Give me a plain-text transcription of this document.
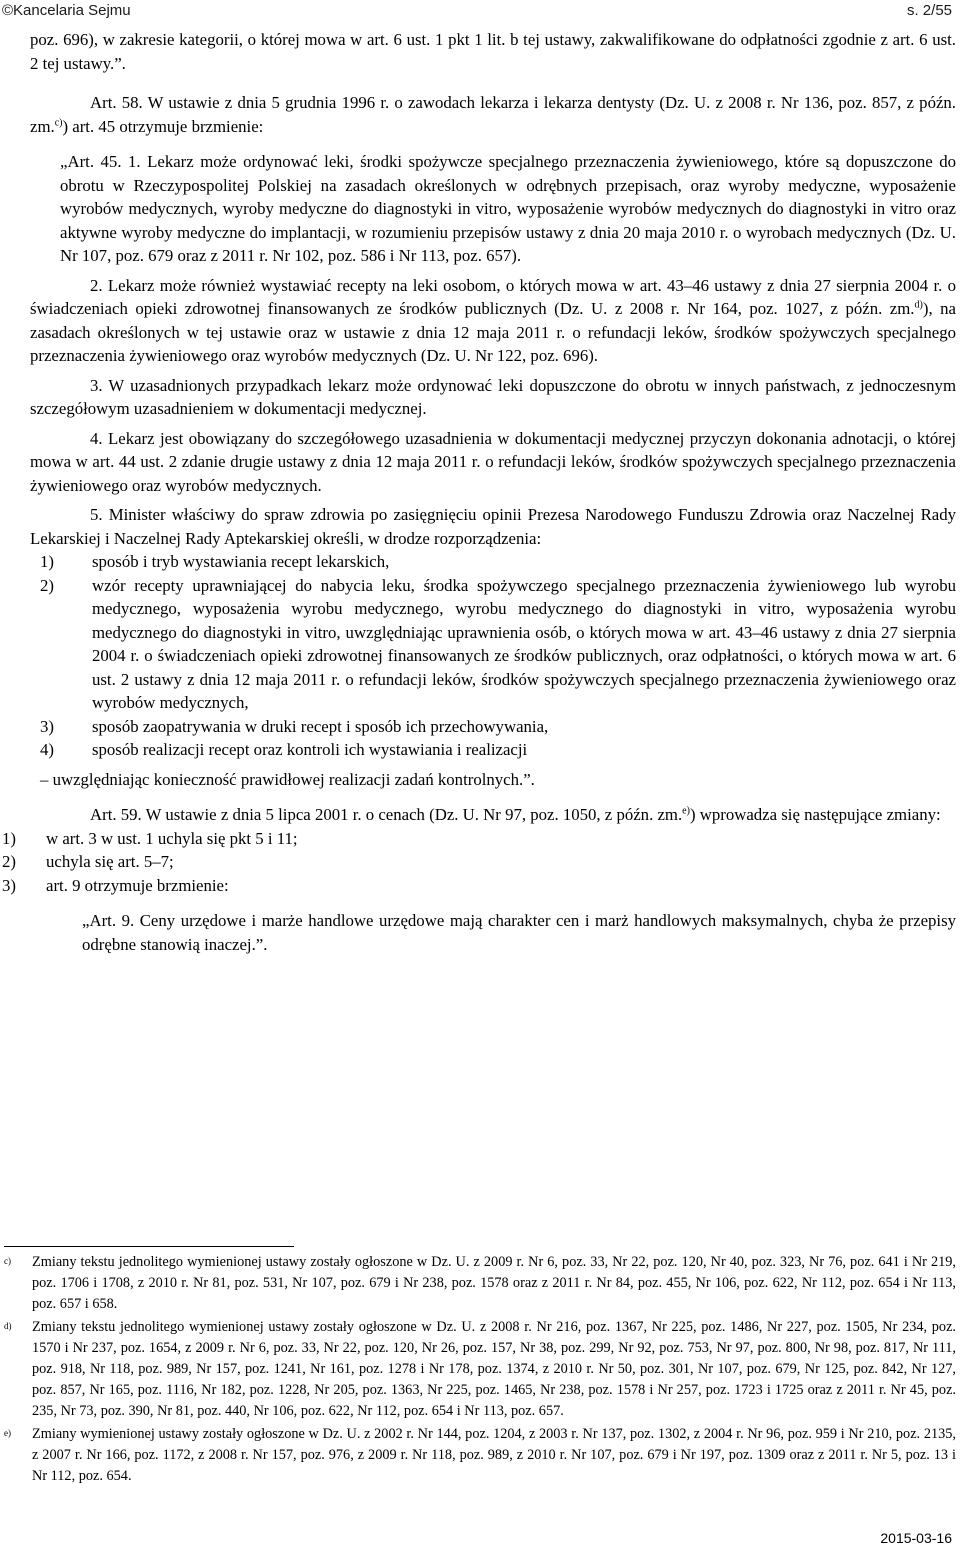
©Kancelaria Sejmu	s. 2/55

poz. 696), w zakresie kategorii, o której mowa w art. 6 ust. 1 pkt 1 lit. b tej ustawy, zakwalifikowane do odpłatności zgodnie z art. 6 ust. 2 tej ustawy.”.

Art. 58. W ustawie z dnia 5 grudnia 1996 r. o zawodach lekarza i lekarza dentysty (Dz. U. z 2008 r. Nr 136, poz. 857, z późn. zm.$^{c)}$) art. 45 otrzymuje brzmienie:

„Art. 45. 1. Lekarz może ordynować leki, środki spożywcze specjalnego przeznaczenia żywieniowego, które są dopuszczone do obrotu w Rzeczypospolitej Polskiej na zasadach określonych w odrębnych przepisach, oraz wyroby medyczne, wyposażenie wyrobów medycznych, wyroby medyczne do diagnostyki in vitro, wyposażenie wyrobów medycznych do diagnostyki in vitro oraz aktywne wyroby medyczne do implantacji, w rozumieniu przepisów ustawy z dnia 20 maja 2010 r. o wyrobach medycznych (Dz. U. Nr 107, poz. 679 oraz z 2011 r. Nr 102, poz. 586 i Nr 113, poz. 657).

2. Lekarz może również wystawiać recepty na leki osobom, o których mowa w art. 43–46 ustawy z dnia 27 sierpnia 2004 r. o świadczeniach opieki zdrowotnej finansowanych ze środków publicznych (Dz. U. z 2008 r. Nr 164, poz. 1027, z późn. zm.$^{d)}$), na zasadach określonych w tej ustawie oraz w ustawie z dnia 12 maja 2011 r. o refundacji leków, środków spożywczych specjalnego przeznaczenia żywieniowego oraz wyrobów medycznych (Dz. U. Nr 122, poz. 696).

3. W uzasadnionych przypadkach lekarz może ordynować leki dopuszczone do obrotu w innych państwach, z jednoczesnym szczegółowym uzasadnieniem w dokumentacji medycznej.

4. Lekarz jest obowiązany do szczegółowego uzasadnienia w dokumentacji medycznej przyczyn dokonania adnotacji, o której mowa w art. 44 ust. 2 zdanie drugie ustawy z dnia 12 maja 2011 r. o refundacji leków, środków spożywczych specjalnego przeznaczenia żywieniowego oraz wyrobów medycznych.

5. Minister właściwy do spraw zdrowia po zasięgnięciu opinii Prezesa Narodowego Funduszu Zdrowia oraz Naczelnej Rady Lekarskiej i Naczelnej Rady Aptekarskiej określi, w drodze rozporządzenia:

1)	sposób i tryb wystawiania recept lekarskich,
2)	wzór recepty uprawniającej do nabycia leku, środka spożywczego specjalnego przeznaczenia żywieniowego lub wyrobu medycznego, wyposażenia wyrobu medycznego, wyrobu medycznego do diagnostyki in vitro, wyposażenia wyrobu medycznego do diagnostyki in vitro, uwzględniając uprawnienia osób, o których mowa w art. 43–46 ustawy z dnia 27 sierpnia 2004 r. o świadczeniach opieki zdrowotnej finansowanych ze środków publicznych, oraz odpłatności, o których mowa w art. 6 ust. 2 ustawy z dnia 12 maja 2011 r. o refundacji leków, środków spożywczych specjalnego przeznaczenia żywieniowego oraz wyrobów medycznych,
3)	sposób zaopatrywania w druki recept i sposób ich przechowywania,
4)	sposób realizacji recept oraz kontroli ich wystawiania i realizacji

– uwzględniając konieczność prawidłowej realizacji zadań kontrolnych.”.

Art. 59. W ustawie z dnia 5 lipca 2001 r. o cenach (Dz. U. Nr 97, poz. 1050, z późn. zm.$^{e)}$) wprowadza się następujące zmiany:

1)	w art. 3 w ust. 1 uchyla się pkt 5 i 11;
2)	uchyla się art. 5–7;
3)	art. 9 otrzymuje brzmienie:

„Art. 9. Ceny urzędowe i marże handlowe urzędowe mają charakter cen i marż handlowych maksymalnych, chyba że przepisy odrębne stanowią inaczej.”.

c)	Zmiany tekstu jednolitego wymienionej ustawy zostały ogłoszone w Dz. U. z 2009 r. Nr 6, poz. 33, Nr 22, poz. 120, Nr 40, poz. 323, Nr 76, poz. 641 i Nr 219, poz. 1706 i 1708, z 2010 r. Nr 81, poz. 531, Nr 107, poz. 679 i Nr 238, poz. 1578 oraz z 2011 r. Nr 84, poz. 455, Nr 106, poz. 622, Nr 112, poz. 654 i Nr 113, poz. 657 i 658.
d)	Zmiany tekstu jednolitego wymienionej ustawy zostały ogłoszone w Dz. U. z 2008 r. Nr 216, poz. 1367, Nr 225, poz. 1486, Nr 227, poz. 1505, Nr 234, poz. 1570 i Nr 237, poz. 1654, z 2009 r. Nr 6, poz. 33, Nr 22, poz. 120, Nr 26, poz. 157, Nr 38, poz. 299, Nr 92, poz. 753, Nr 97, poz. 800, Nr 98, poz. 817, Nr 111, poz. 918, Nr 118, poz. 989, Nr 157, poz. 1241, Nr 161, poz. 1278 i Nr 178, poz. 1374, z 2010 r. Nr 50, poz. 301, Nr 107, poz. 679, Nr 125, poz. 842, Nr 127, poz. 857, Nr 165, poz. 1116, Nr 182, poz. 1228, Nr 205, poz. 1363, Nr 225, poz. 1465, Nr 238, poz. 1578 i Nr 257, poz. 1723 i 1725 oraz z 2011 r. Nr 45, poz. 235, Nr 73, poz. 390, Nr 81, poz. 440, Nr 106, poz. 622, Nr 112, poz. 654 i Nr 113, poz. 657.
e)	Zmiany wymienionej ustawy zostały ogłoszone w Dz. U. z 2002 r. Nr 144, poz. 1204, z 2003 r. Nr 137, poz. 1302, z 2004 r. Nr 96, poz. 959 i Nr 210, poz. 2135, z 2007 r. Nr 166, poz. 1172, z 2008 r. Nr 157, poz. 976, z 2009 r. Nr 118, poz. 989, z 2010 r. Nr 107, poz. 679 i Nr 197, poz. 1309 oraz z 2011 r. Nr 5, poz. 13 i Nr 112, poz. 654.
2015-03-16
